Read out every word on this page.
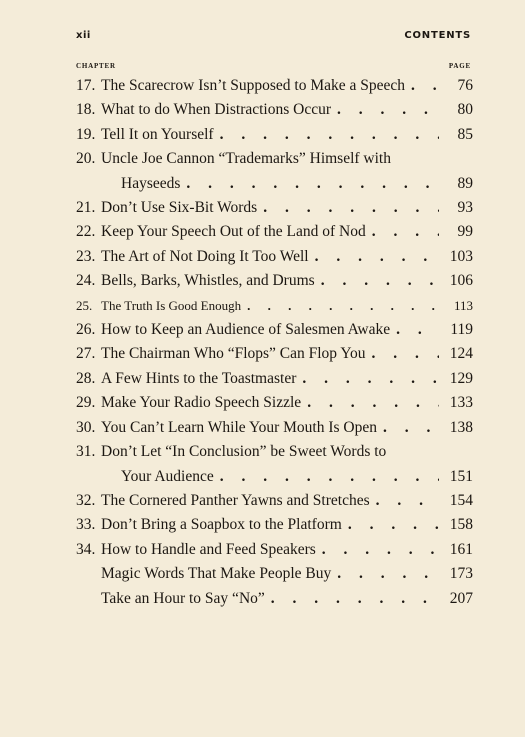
xii	CONTENTS
CHAPTER	PAGE
17. The Scarecrow Isn’t Supposed to Make a Speech . . .	76
18. What to do When Distractions Occur . . .	80
19. Tell It on Yourself . . .	85
20. Uncle Joe Cannon “Trademarks” Himself with
Hayseeds . . .	89
21. Don’t Use Six-Bit Words . . .	93
22. Keep Your Speech Out of the Land of Nod . . .	99
23. The Art of Not Doing It Too Well . . .	103
24. Bells, Barks, Whistles, and Drums . . .	106
25. The Truth Is Good Enough . . .	113
26. How to Keep an Audience of Salesmen Awake . . .	119
27. The Chairman Who “Flops” Can Flop You . . .	124
28. A Few Hints to the Toastmaster . . .	129
29. Make Your Radio Speech Sizzle . . .	133
30. You Can’t Learn While Your Mouth Is Open . . .	138
31. Don’t Let “In Conclusion” be Sweet Words to
Your Audience . . .	151
32. The Cornered Panther Yawns and Stretches . . .	154
33. Don’t Bring a Soapbox to the Platform . . .	158
34. How to Handle and Feed Speakers . . .	161
Magic Words That Make People Buy . . .	173
Take an Hour to Say “No” . . .	207
